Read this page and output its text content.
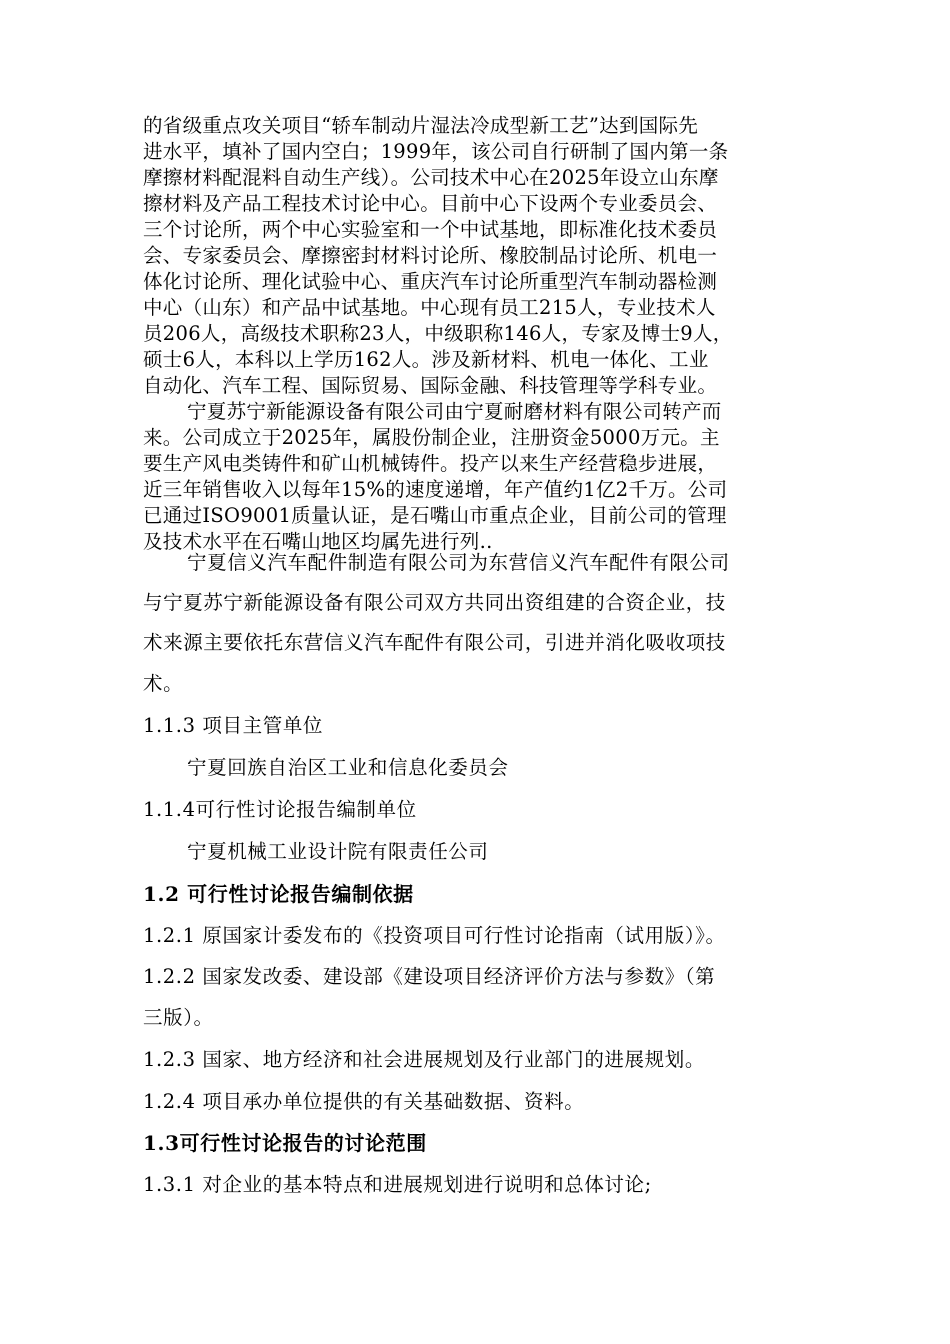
的省级重点攻关项目“轿车制动片湿法冷成型新工艺”达到国际先
进水平，填补了国内空白；1999年，该公司自行研制了国内第一条
摩擦材料配混料自动生产线）。公司技术中心在2025年设立山东摩
擦材料及产品工程技术讨论中心。目前中心下设两个专业委员会、
三个讨论所，两个中心实验室和一个中试基地，即标准化技术委员
会、专家委员会、摩擦密封材料讨论所、橡胶制品讨论所、机电一
体化讨论所、理化试验中心、重庆汽车讨论所重型汽车制动器检测
中心（山东）和产品中试基地。中心现有员工215人，专业技术人
员206人，高级技术职称23人，中级职称146人，专家及博士9人，
硕士6人，本科以上学历162人。涉及新材料、机电一体化、工业
自动化、汽车工程、国际贸易、国际金融、科技管理等学科专业。
宁夏苏宁新能源设备有限公司由宁夏耐磨材料有限公司转产而
来。公司成立于2025年，属股份制企业，注册资金5000万元。主
要生产风电类铸件和矿山机械铸件。投产以来生产经营稳步进展，
近三年销售收入以每年15%的速度递增，年产值约1亿2千万。公司
已通过ISO9001质量认证，是石嘴山市重点企业，目前公司的管理
及技术水平在石嘴山地区均属先进行列..
宁夏信义汽车配件制造有限公司为东营信义汽车配件有限公司
与宁夏苏宁新能源设备有限公司双方共同出资组建的合资企业，技
术来源主要依托东营信义汽车配件有限公司，引进并消化吸收项技
术。
1.1.3 项目主管单位
宁夏回族自治区工业和信息化委员会
1.1.4可行性讨论报告编制单位
宁夏机械工业设计院有限责任公司
1.2 可行性讨论报告编制依据
1.2.1 原国家计委发布的《投资项目可行性讨论指南（试用版）》。
1.2.2 国家发改委、建设部《建设项目经济评价方法与参数》（第
三版）。
1.2.3 国家、地方经济和社会进展规划及行业部门的进展规划。
1.2.4 项目承办单位提供的有关基础数据、资料。
1.3可行性讨论报告的讨论范围
1.3.1 对企业的基本特点和进展规划进行说明和总体讨论;
